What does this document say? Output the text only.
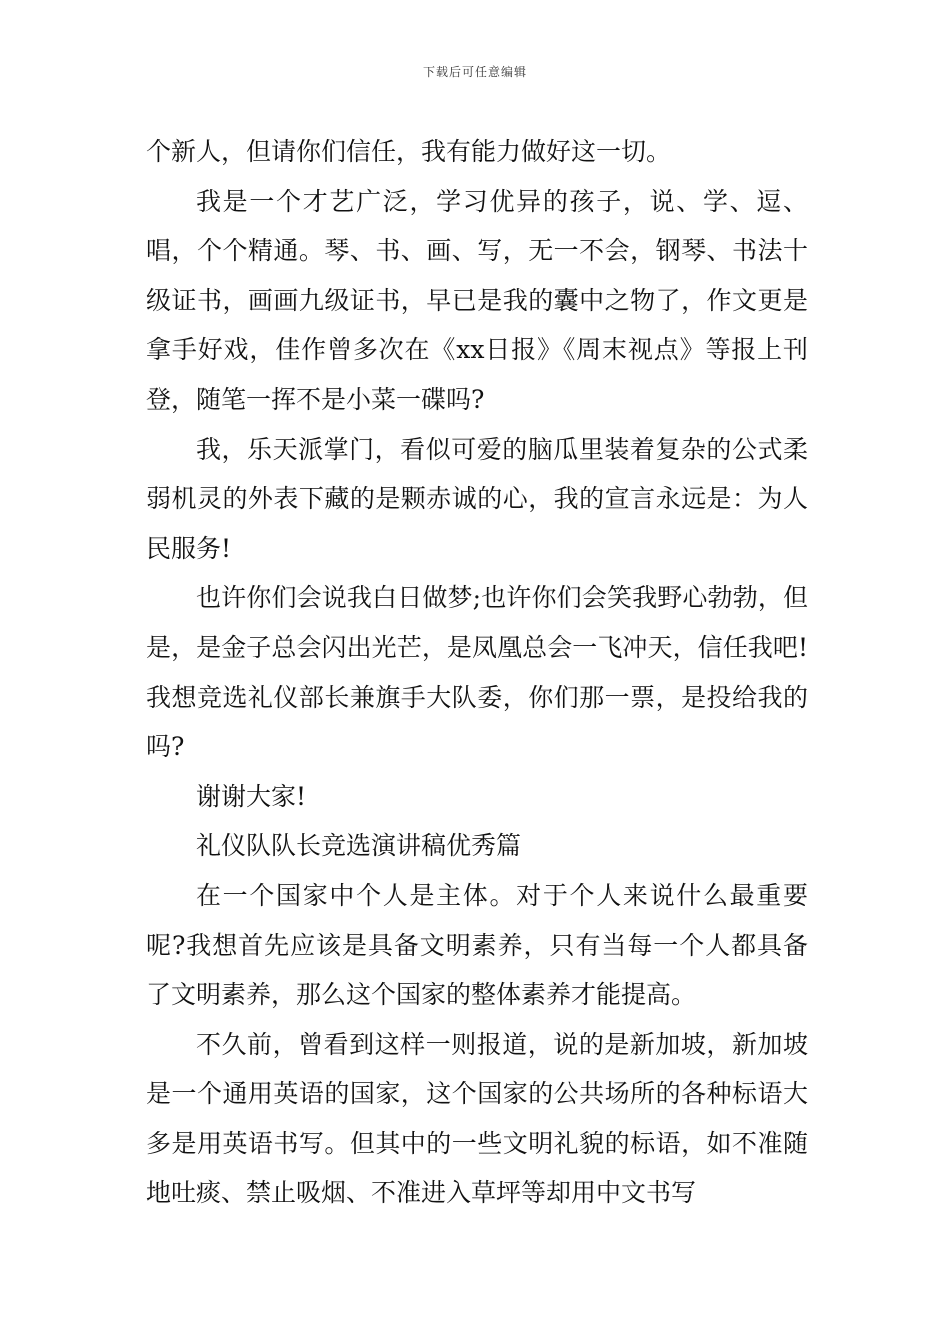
下载后可任意编辑

个新人，但请你们信任，我有能力做好这一切。

我是一个才艺广泛，学习优异的孩子，说、学、逗、唱，个个精通。琴、书、画、写，无一不会，钢琴、书法十级证书，画画九级证书，早已是我的囊中之物了，作文更是拿手好戏，佳作曾多次在《xx日报》《周末视点》等报上刊登，随笔一挥不是小菜一碟吗?

我，乐天派掌门，看似可爱的脑瓜里装着复杂的公式柔弱机灵的外表下藏的是颗赤诚的心，我的宣言永远是：为人民服务!

也许你们会说我白日做梦;也许你们会笑我野心勃勃，但是，是金子总会闪出光芒，是凤凰总会一飞冲天，信任我吧!我想竞选礼仪部长兼旗手大队委，你们那一票，是投给我的吗?

谢谢大家!

礼仪队队长竞选演讲稿优秀篇

在一个国家中个人是主体。对于个人来说什么最重要呢?我想首先应该是具备文明素养，只有当每一个人都具备了文明素养，那么这个国家的整体素养才能提高。

不久前，曾看到这样一则报道，说的是新加坡，新加坡是一个通用英语的国家，这个国家的公共场所的各种标语大多是用英语书写。但其中的一些文明礼貌的标语，如不准随地吐痰、禁止吸烟、不准进入草坪等却用中文书写
